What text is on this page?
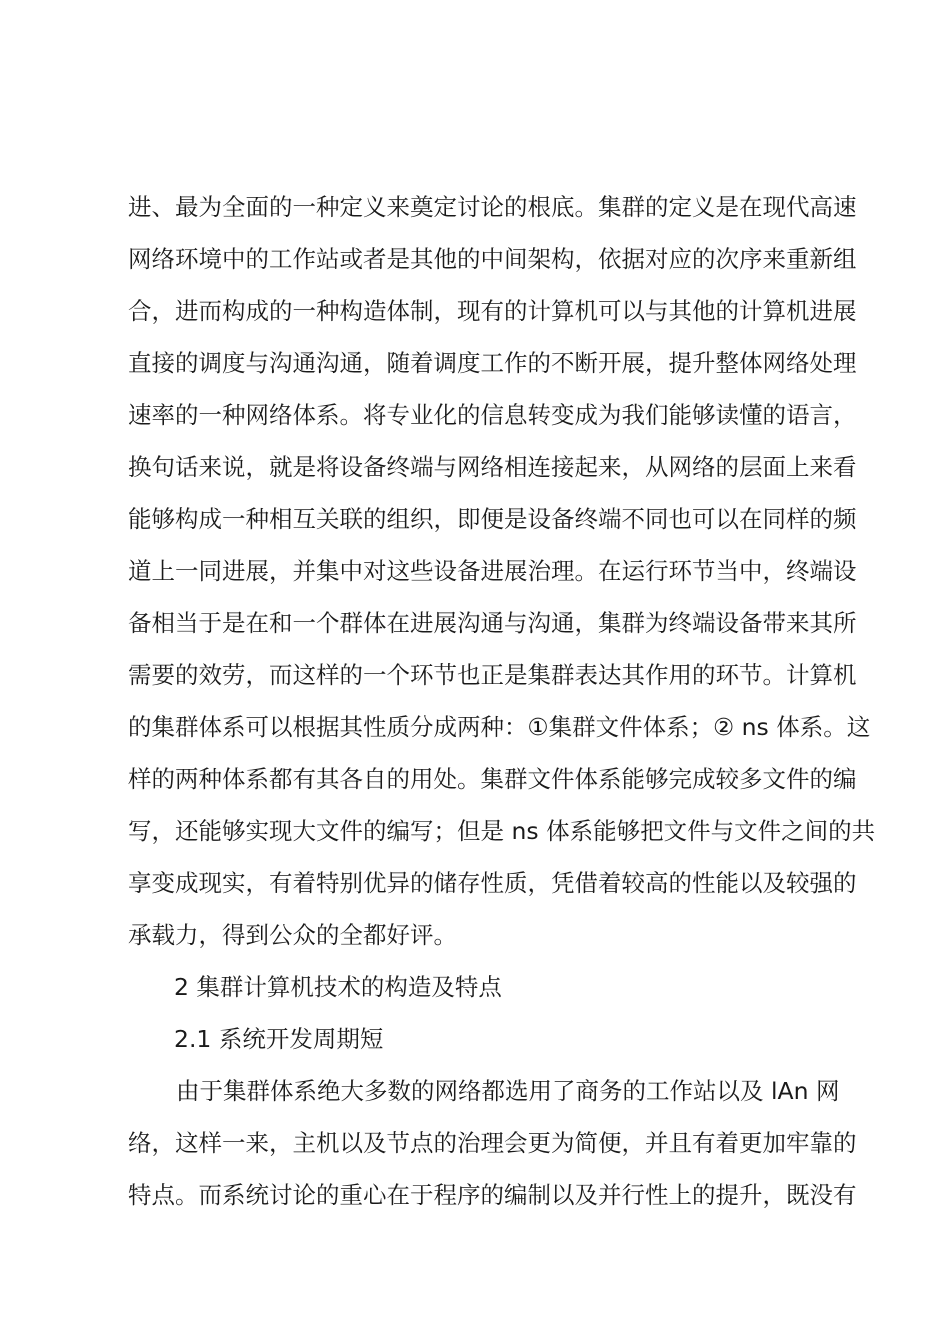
进、最为全面的一种定义来奠定讨论的根底。集群的定义是在现代高速
网络环境中的工作站或者是其他的中间架构，依据对应的次序来重新组
合，进而构成的一种构造体制，现有的计算机可以与其他的计算机进展
直接的调度与沟通沟通，随着调度工作的不断开展，提升整体网络处理
速率的一种网络体系。将专业化的信息转变成为我们能够读懂的语言，
换句话来说，就是将设备终端与网络相连接起来，从网络的层面上来看
能够构成一种相互关联的组织，即便是设备终端不同也可以在同样的频
道上一同进展，并集中对这些设备进展治理。在运行环节当中，终端设
备相当于是在和一个群体在进展沟通与沟通，集群为终端设备带来其所
需要的效劳，而这样的一个环节也正是集群表达其作用的环节。计算机
的集群体系可以根据其性质分成两种：①集群文件体系；② ns 体系。这
样的两种体系都有其各自的用处。集群文件体系能够完成较多文件的编
写，还能够实现大文件的编写；但是 ns 体系能够把文件与文件之间的共
享变成现实，有着特别优异的储存性质，凭借着较高的性能以及较强的
承载力，得到公众的全都好评。
2 集群计算机技术的构造及特点
2.1 系统开发周期短
由于集群体系绝大多数的网络都选用了商务的工作站以及 lAn 网
络，这样一来，主机以及节点的治理会更为简便，并且有着更加牢靠的
特点。而系统讨论的重心在于程序的编制以及并行性上的提升，既没有
